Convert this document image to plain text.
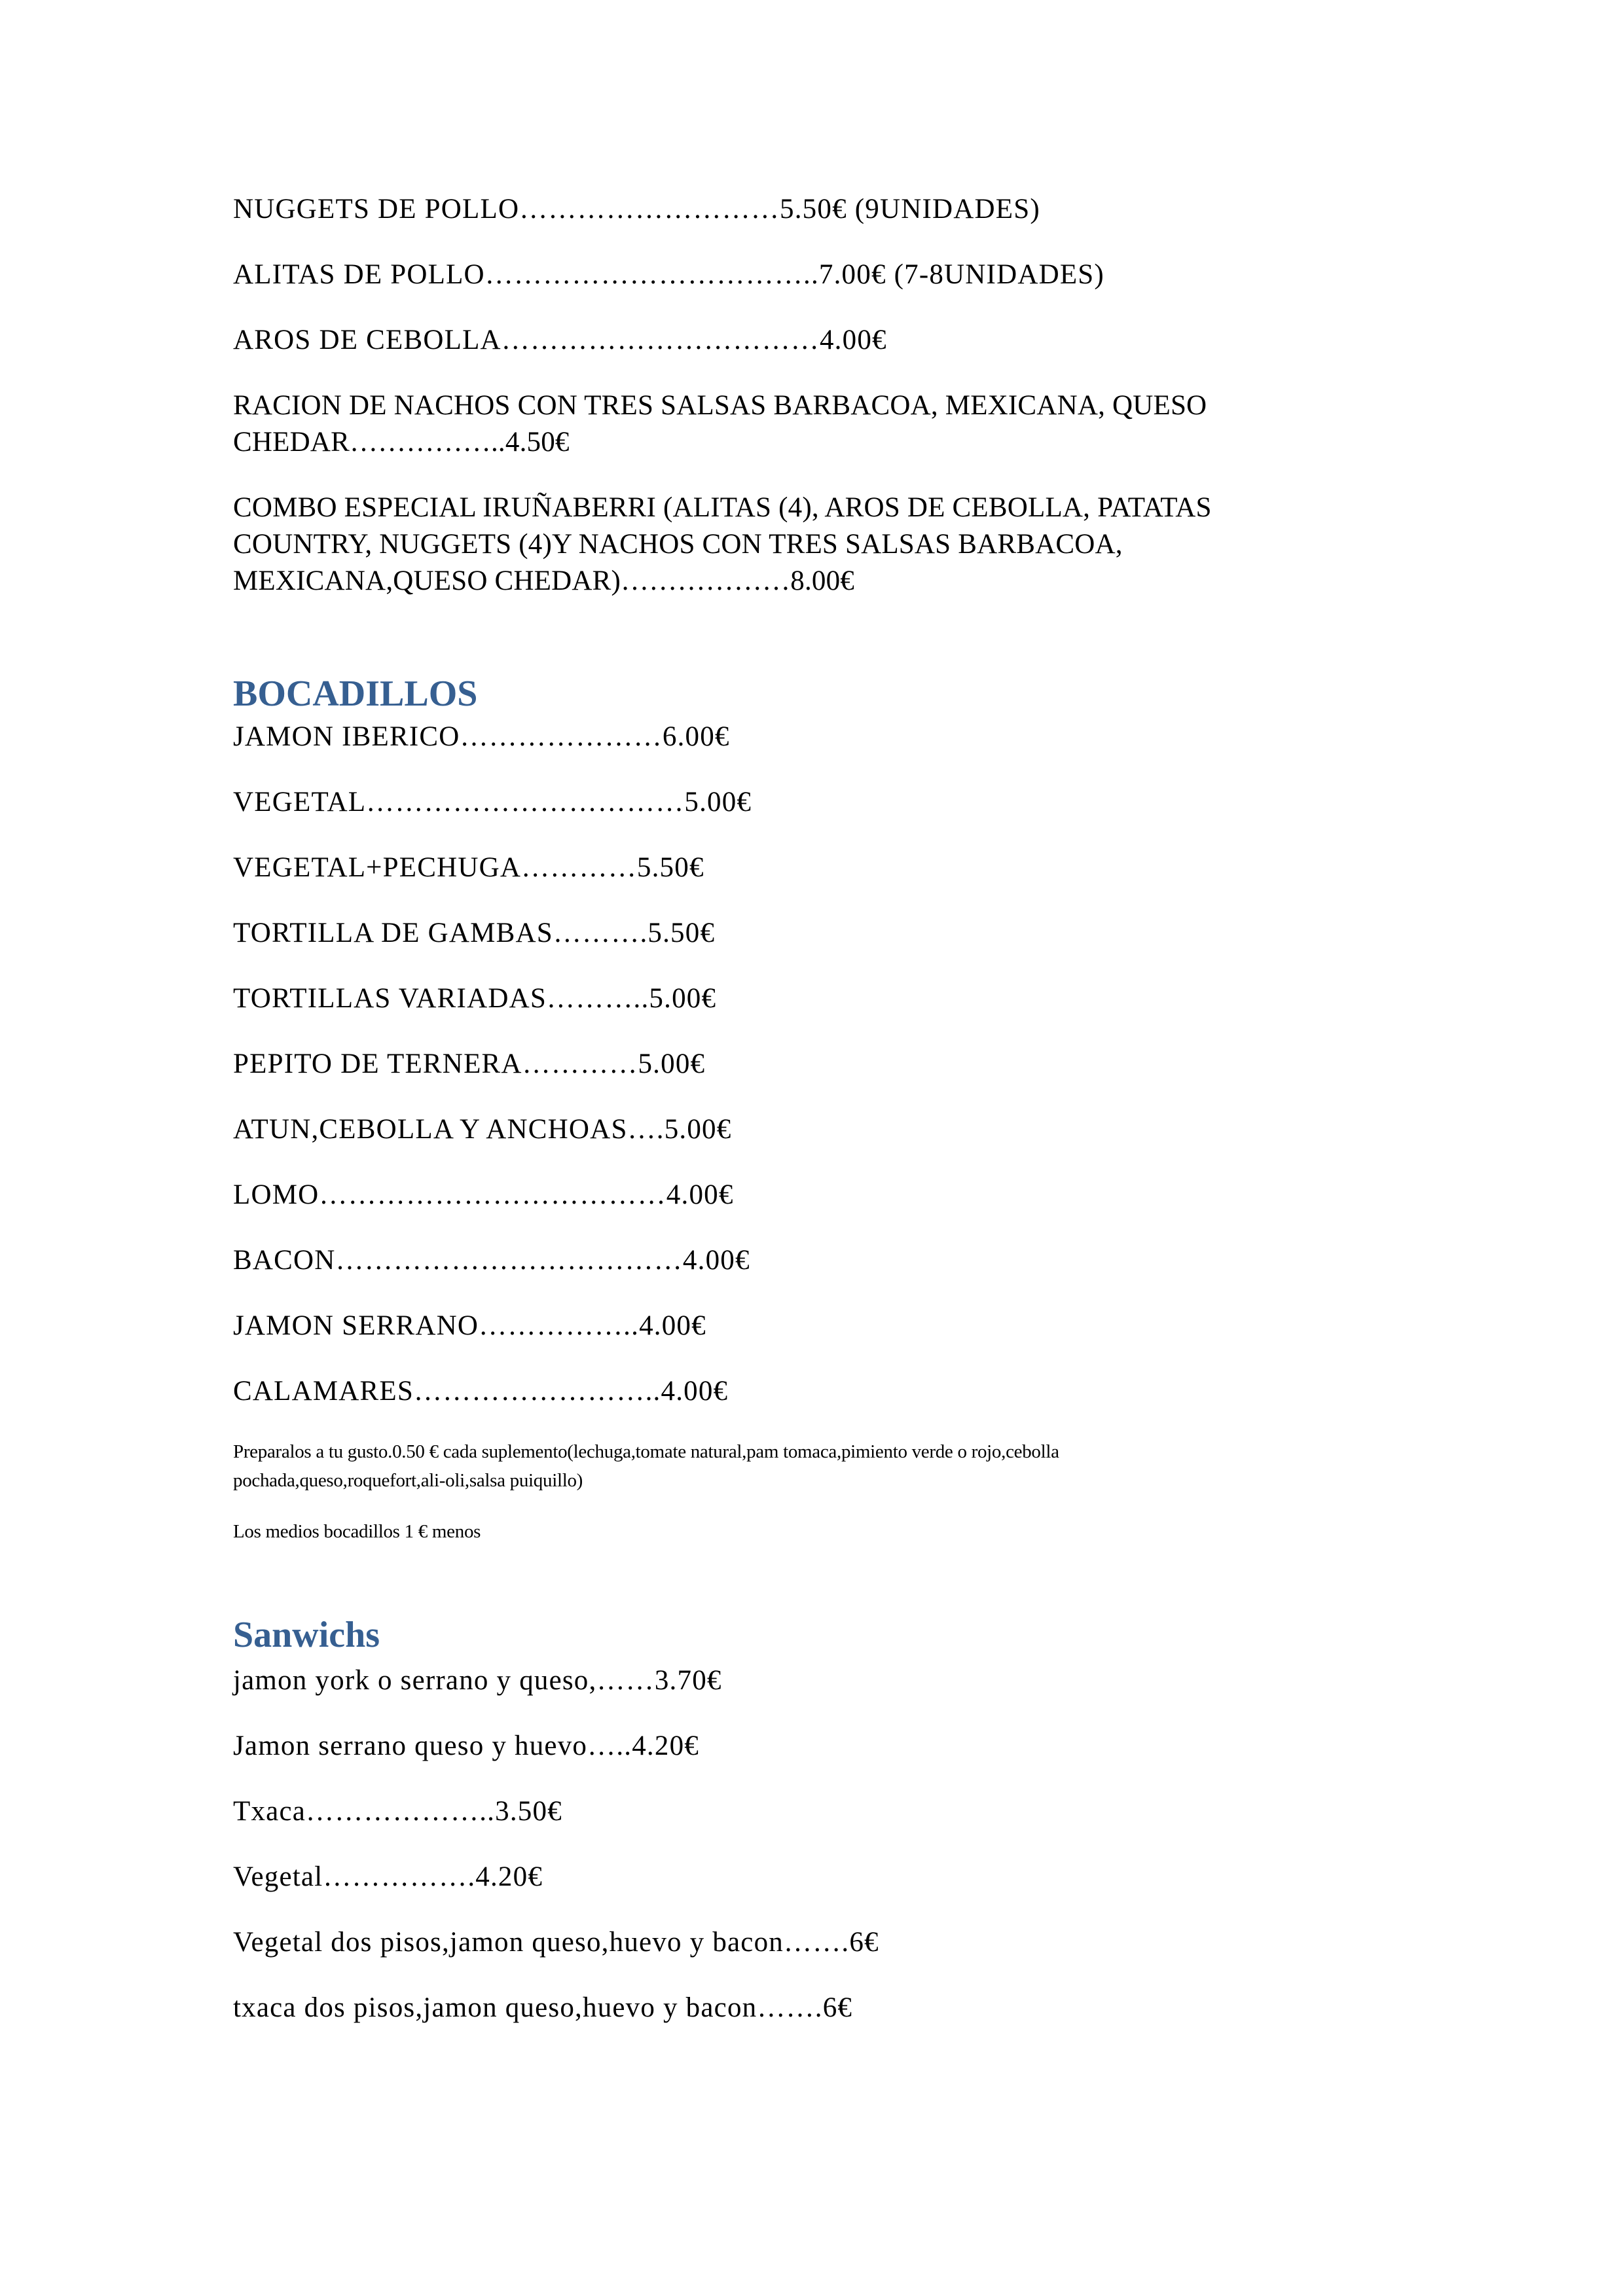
NUGGETS DE POLLO………………………5.50€ (9UNIDADES)
ALITAS DE POLLO……………………………..7.00€ (7-8UNIDADES)
AROS DE CEBOLLA……………………………4.00€
RACION DE NACHOS CON TRES SALSAS BARBACOA, MEXICANA, QUESO
CHEDAR……………..4.50€
COMBO ESPECIAL IRUÑABERRI (ALITAS (4), AROS DE CEBOLLA, PATATAS
COUNTRY, NUGGETS (4)Y NACHOS CON TRES SALSAS BARBACOA,
MEXICANA,QUESO CHEDAR)………………8.00€
BOCADILLOS
JAMON IBERICO…………………6.00€
VEGETAL……………………………5.00€
VEGETAL+PECHUGA…………5.50€
TORTILLA DE GAMBAS……….5.50€
TORTILLAS VARIADAS………..5.00€
PEPITO DE TERNERA…………5.00€
ATUN,CEBOLLA Y ANCHOAS….5.00€
LOMO………………………………4.00€
BACON………………………………4.00€
JAMON SERRANO……………..4.00€
CALAMARES……………………..4.00€
Preparalos a tu gusto.0.50 € cada suplemento(lechuga,tomate natural,pam tomaca,pimiento verde o rojo,cebolla
pochada,queso,roquefort,ali-oli,salsa puiquillo)
Los medios bocadillos 1 € menos
Sanwichs
jamon york o serrano y queso,……3.70€
Jamon serrano queso y huevo…..4.20€
Txaca………………..3.50€
Vegetal…………….4.20€
Vegetal dos pisos,jamon queso,huevo y bacon…….6€
txaca dos pisos,jamon queso,huevo y bacon…….6€
